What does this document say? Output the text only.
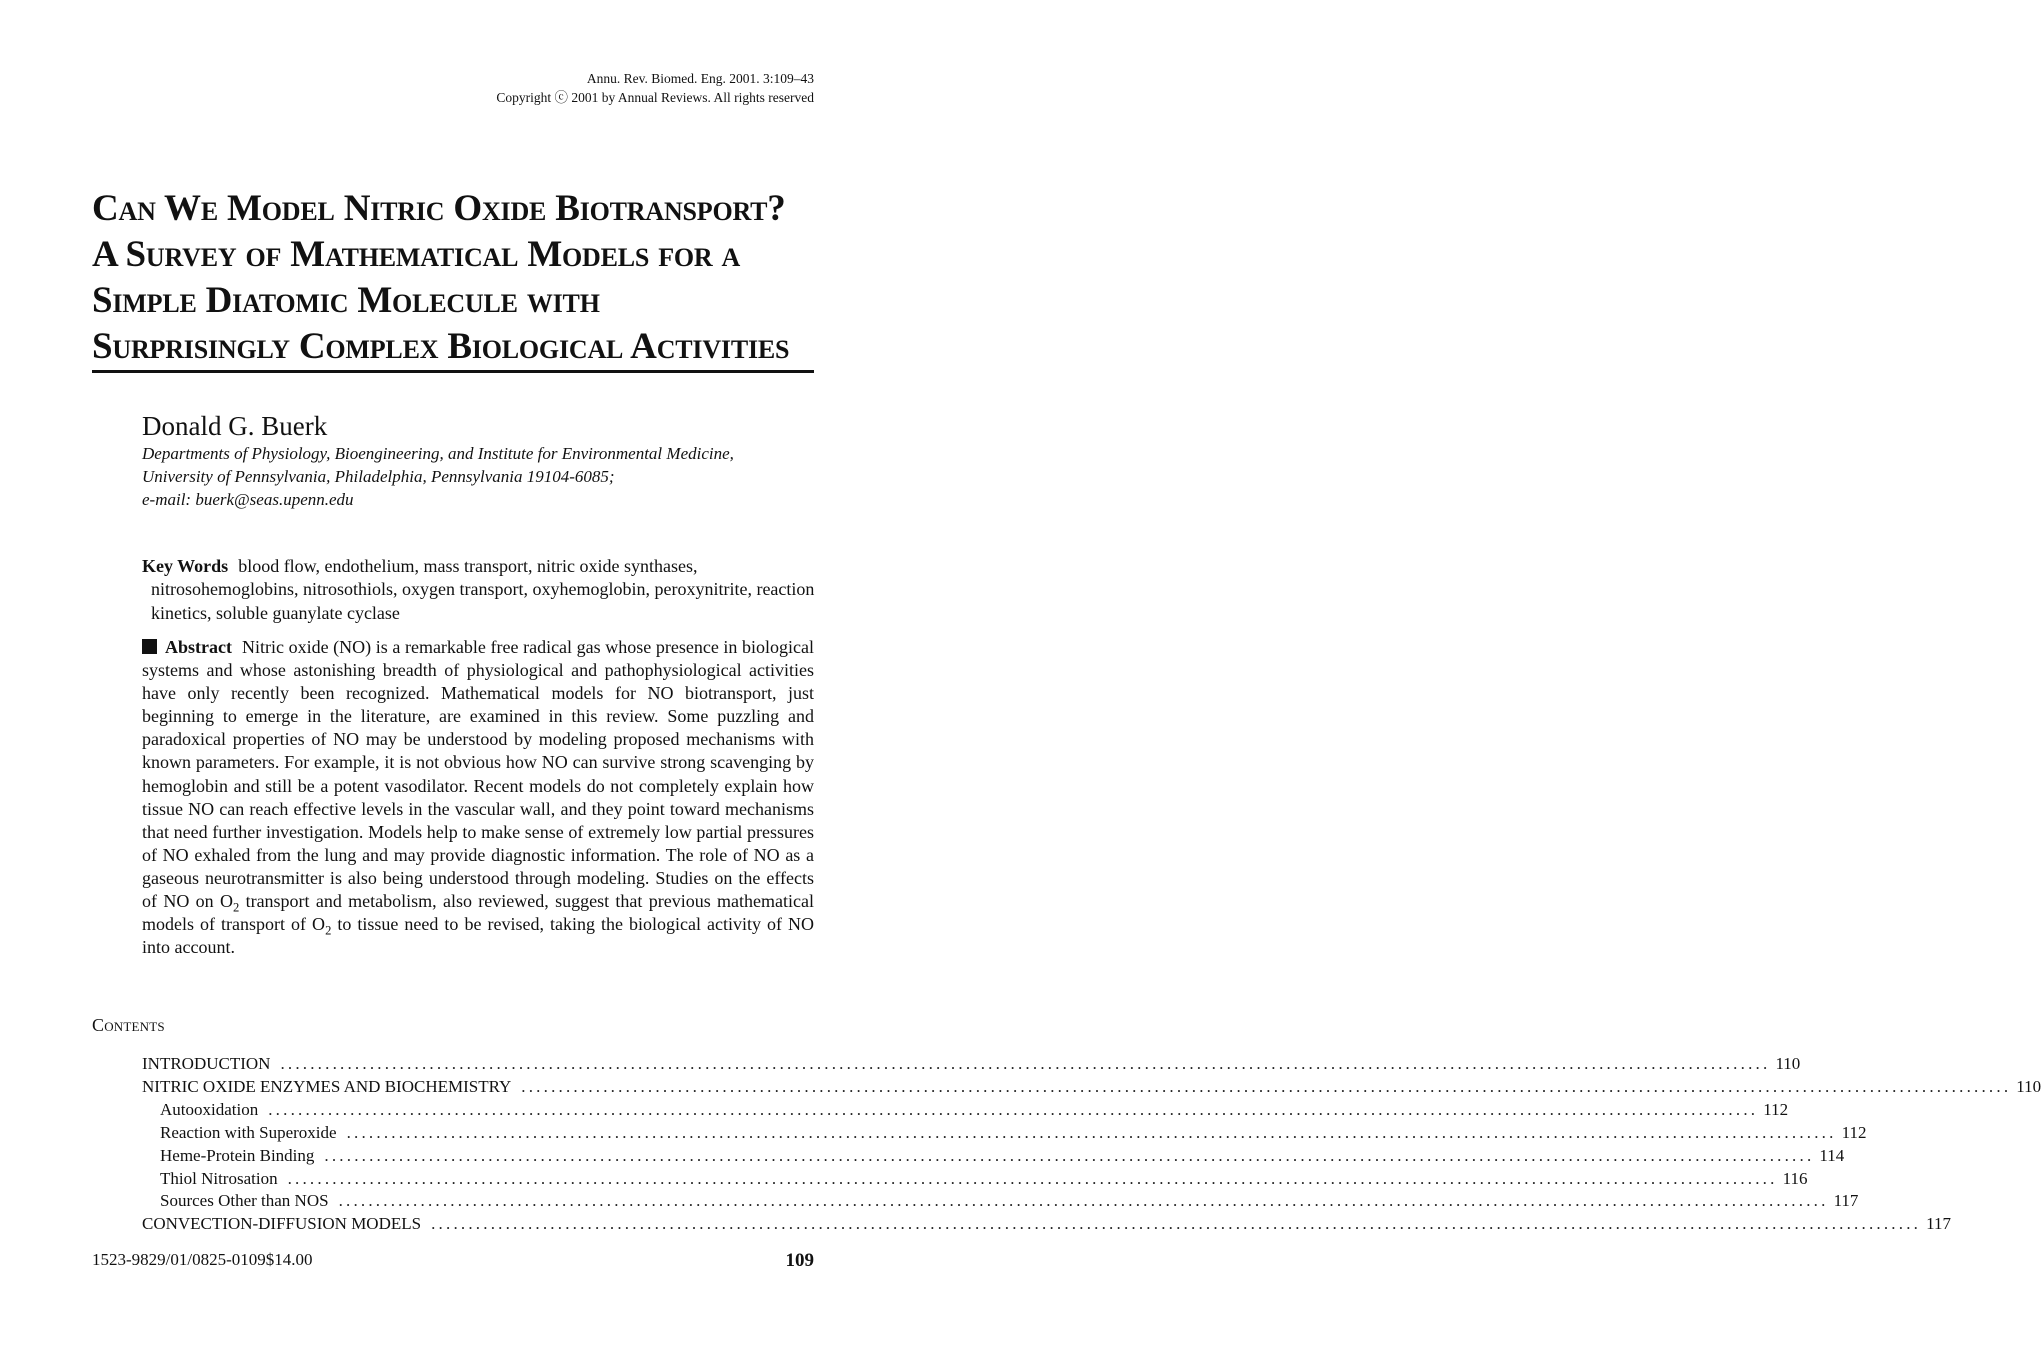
Annu. Rev. Biomed. Eng. 2001. 3:109–43
Copyright ⓒ 2001 by Annual Reviews. All rights reserved
Can We Model Nitric Oxide Biotransport?
A Survey of Mathematical Models for a
Simple Diatomic Molecule with
Surprisingly Complex Biological Activities
Donald G. Buerk
Departments of Physiology, Bioengineering, and Institute for Environmental Medicine,
University of Pennsylvania, Philadelphia, Pennsylvania 19104-6085;
e-mail: buerk@seas.upenn.edu
Key Words blood flow, endothelium, mass transport, nitric oxide synthases, nitrosohemoglobins, nitrosothiols, oxygen transport, oxyhemoglobin, peroxynitrite, reaction kinetics, soluble guanylate cyclase
Abstract Nitric oxide (NO) is a remarkable free radical gas whose presence in biological systems and whose astonishing breadth of physiological and pathophysiological activities have only recently been recognized. Mathematical models for NO biotransport, just beginning to emerge in the literature, are examined in this review. Some puzzling and paradoxical properties of NO may be understood by modeling proposed mechanisms with known parameters. For example, it is not obvious how NO can survive strong scavenging by hemoglobin and still be a potent vasodilator. Recent models do not completely explain how tissue NO can reach effective levels in the vascular wall, and they point toward mechanisms that need further investigation. Models help to make sense of extremely low partial pressures of NO exhaled from the lung and may provide diagnostic information. The role of NO as a gaseous neurotransmitter is also being understood through modeling. Studies on the effects of NO on $O_2$ transport and metabolism, also reviewed, suggest that previous mathematical models of transport of $O_2$ to tissue need to be revised, taking the biological activity of NO into account.
Contents
INTRODUCTION ........................................................................................................................................................................................................ 110
NITRIC OXIDE ENZYMES AND BIOCHEMISTRY ........................................................................................................................................................................................................ 110
Autooxidation ........................................................................................................................................................................................................ 112
Reaction with Superoxide ........................................................................................................................................................................................................ 112
Heme-Protein Binding ........................................................................................................................................................................................................ 114
Thiol Nitrosation ........................................................................................................................................................................................................ 116
Sources Other than NOS ........................................................................................................................................................................................................ 117
CONVECTION-DIFFUSION MODELS ........................................................................................................................................................................................................ 117
1523-9829/01/0825-0109$14.00	109
